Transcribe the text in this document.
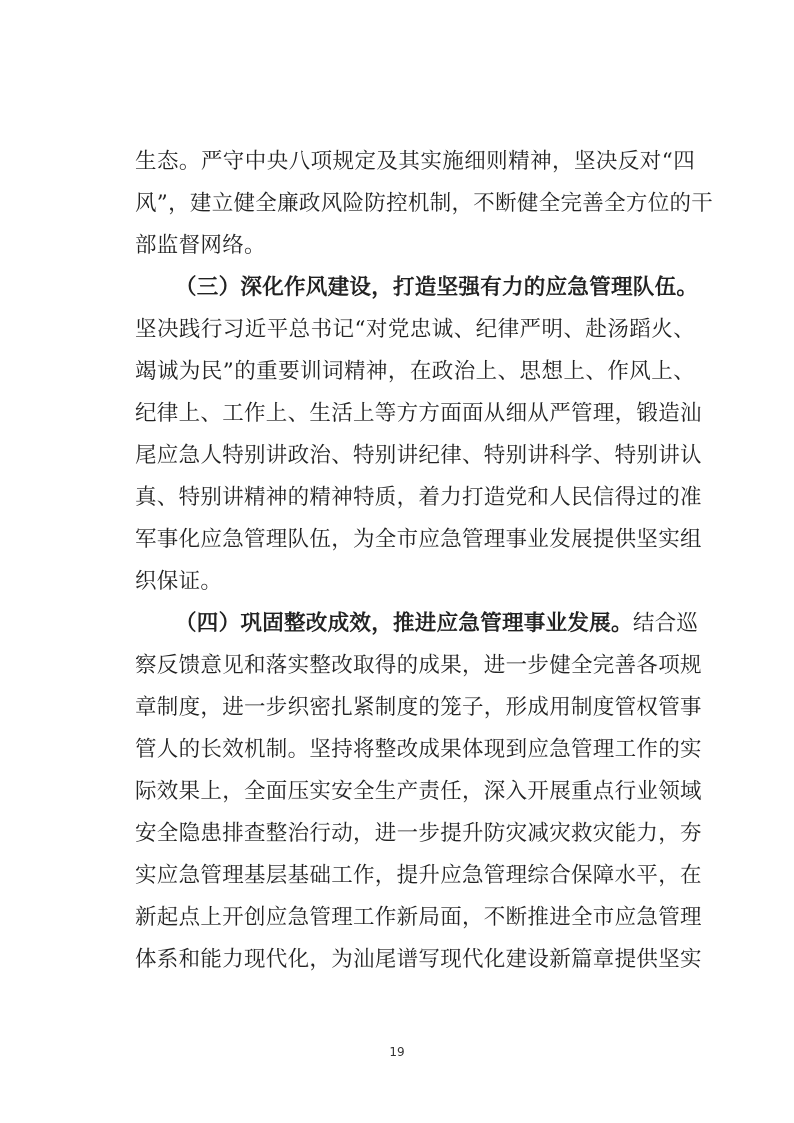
生态。严守中央八项规定及其实施细则精神，坚决反对“四
风”，建立健全廉政风险防控机制，不断健全完善全方位的干
部监督网络。
（三）深化作风建设，打造坚强有力的应急管理队伍。
坚决践行习近平总书记“对党忠诚、纪律严明、赴汤蹈火、
竭诚为民”的重要训词精神，在政治上、思想上、作风上、
纪律上、工作上、生活上等方方面面从细从严管理，锻造汕
尾应急人特别讲政治、特别讲纪律、特别讲科学、特别讲认
真、特别讲精神的精神特质，着力打造党和人民信得过的准
军事化应急管理队伍，为全市应急管理事业发展提供坚实组
织保证。
（四）巩固整改成效，推进应急管理事业发展。结合巡
察反馈意见和落实整改取得的成果，进一步健全完善各项规
章制度，进一步织密扎紧制度的笼子，形成用制度管权管事
管人的长效机制。坚持将整改成果体现到应急管理工作的实
际效果上，全面压实安全生产责任，深入开展重点行业领域
安全隐患排查整治行动，进一步提升防灾减灾救灾能力，夯
实应急管理基层基础工作，提升应急管理综合保障水平，在
新起点上开创应急管理工作新局面，不断推进全市应急管理
体系和能力现代化，为汕尾谱写现代化建设新篇章提供坚实
19
